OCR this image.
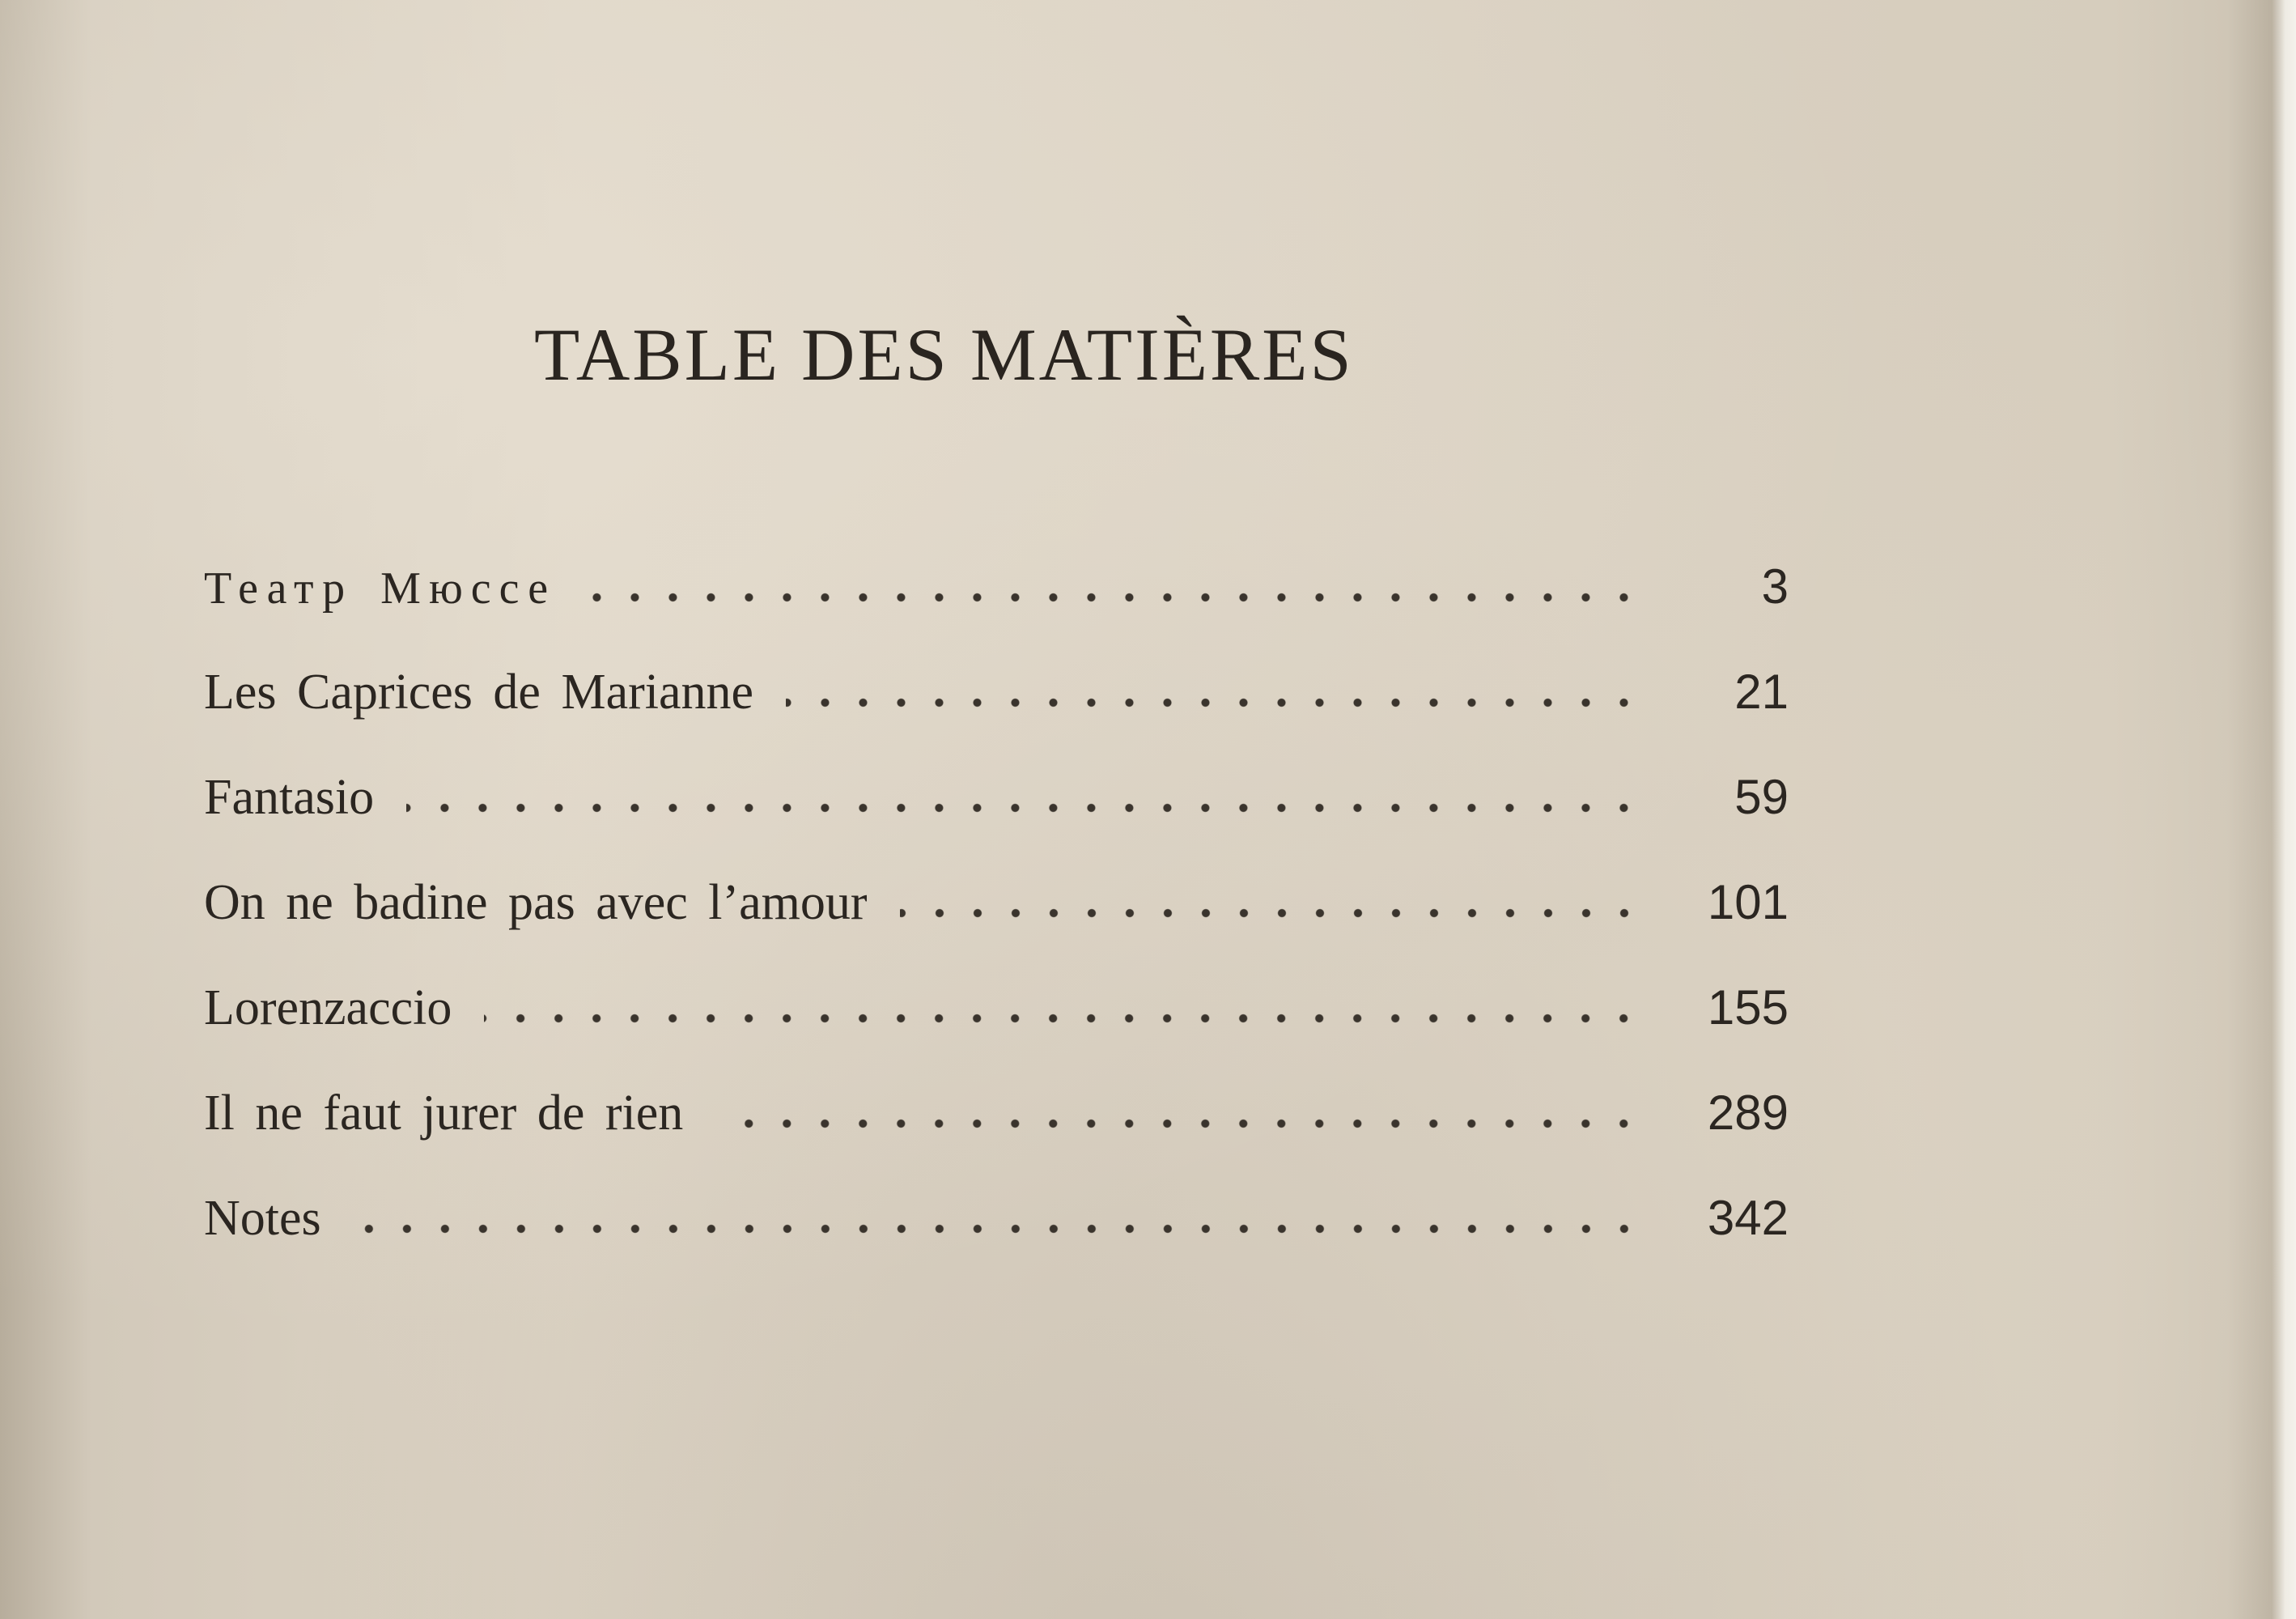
TABLE DES MATIÈRES
Театр Мюссе	3
Les Caprices de Marianne	21
Fantasio	59
On ne badine pas avec l’amour	101
Lorenzaccio	155
Il ne faut jurer de rien	289
Notes	342
